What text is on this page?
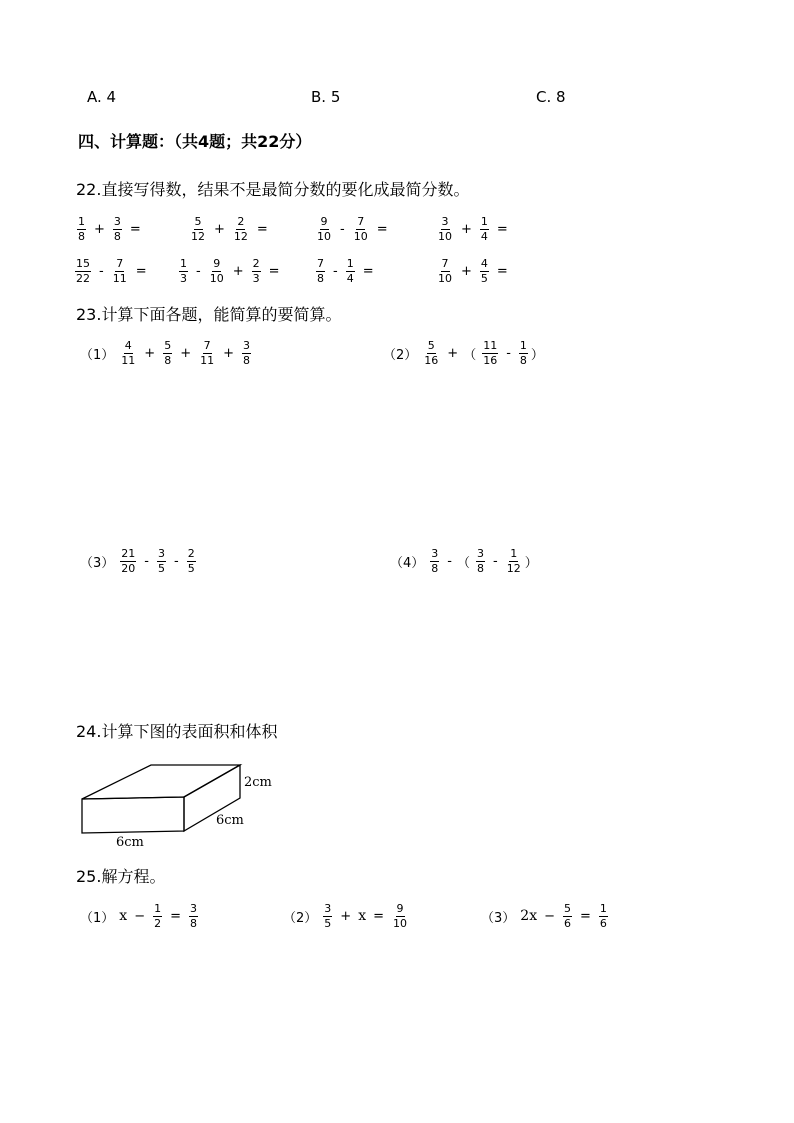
A. 4	B. 5	C. 8
四、计算题：（共4题；共22分）
22.直接写得数，结果不是最简分数的要化成最简分数。
$\frac{1}{8} + \frac{3}{8}$ =	$\frac{5}{12} + \frac{2}{12}$ =	$\frac{9}{10} - \frac{7}{10}$ =	$\frac{3}{10} + \frac{1}{4}$ =
$\frac{15}{22} - \frac{7}{11}$ =	$\frac{1}{3} - \frac{9}{10} + \frac{2}{3}$ =	$\frac{7}{8} - \frac{1}{4}$ =	$\frac{7}{10} + \frac{4}{5}$ =
23.计算下面各题，能简算的要简算。
$(1) \frac{4}{11} + \frac{5}{8} + \frac{7}{11} + \frac{3}{8}$	$(2) \frac{5}{16}$ + （ $\frac{11}{16} - \frac{1}{8}$ ）
$(3) \frac{21}{20} - \frac{3}{5} - \frac{2}{5}$	$(4) \frac{3}{8}$ - （ $\frac{3}{8} - \frac{1}{12}$ ）
24.计算下图的表面积和体积
2cm
6cm
6cm
25.解方程。
（1） $x - \frac{1}{2} = \frac{3}{8}$	$(2) \frac{3}{5} + x = \frac{9}{10}$	（3） $2x - \frac{5}{6} = \frac{1}{6}$
